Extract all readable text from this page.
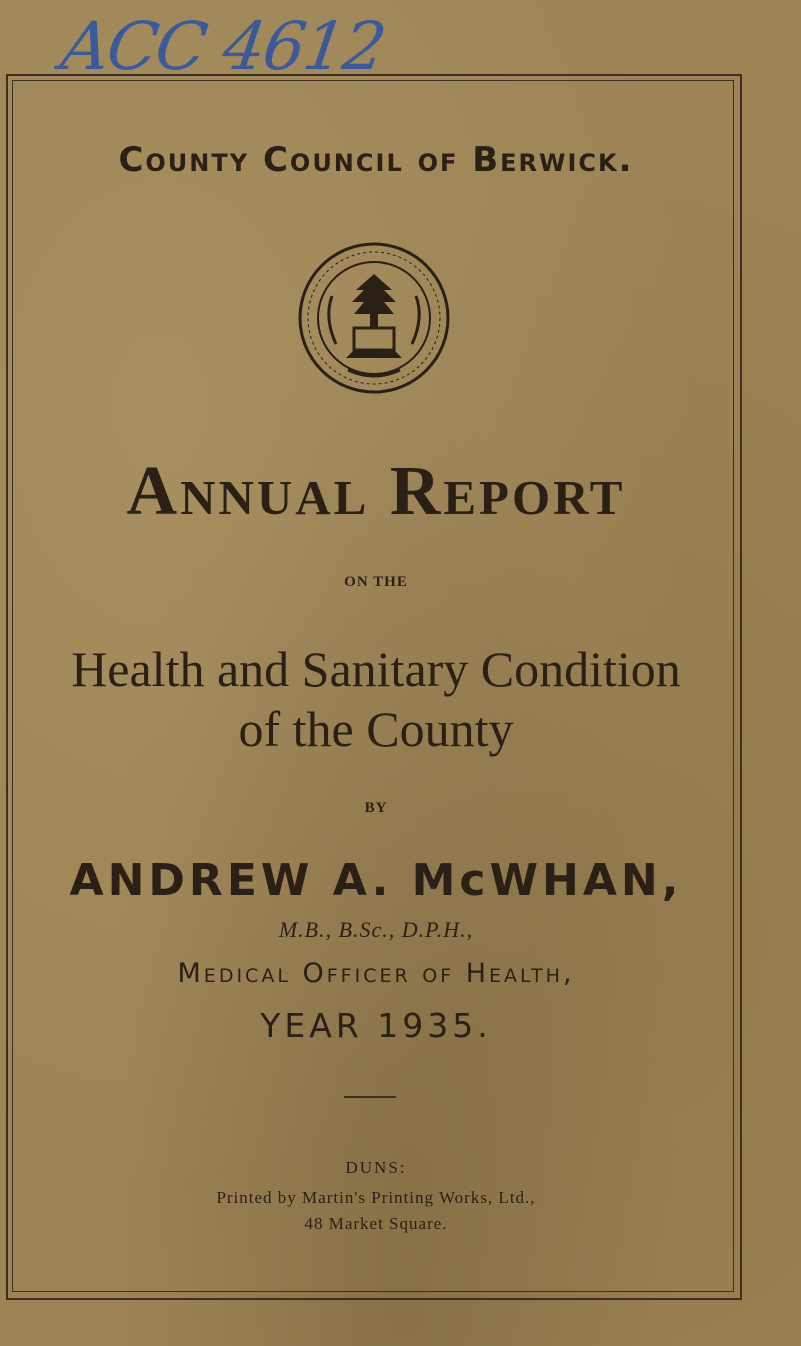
ACC 4612
County Council of Berwick.
Annual Report
ON THE
Health and Sanitary Condition
of the County
BY
ANDREW A. McWHAN,
M.B., B.Sc., D.P.H.,
Medical Officer of Health,
YEAR 1935.
DUNS:
Printed by Martin's Printing Works, Ltd.,
48 Market Square.
